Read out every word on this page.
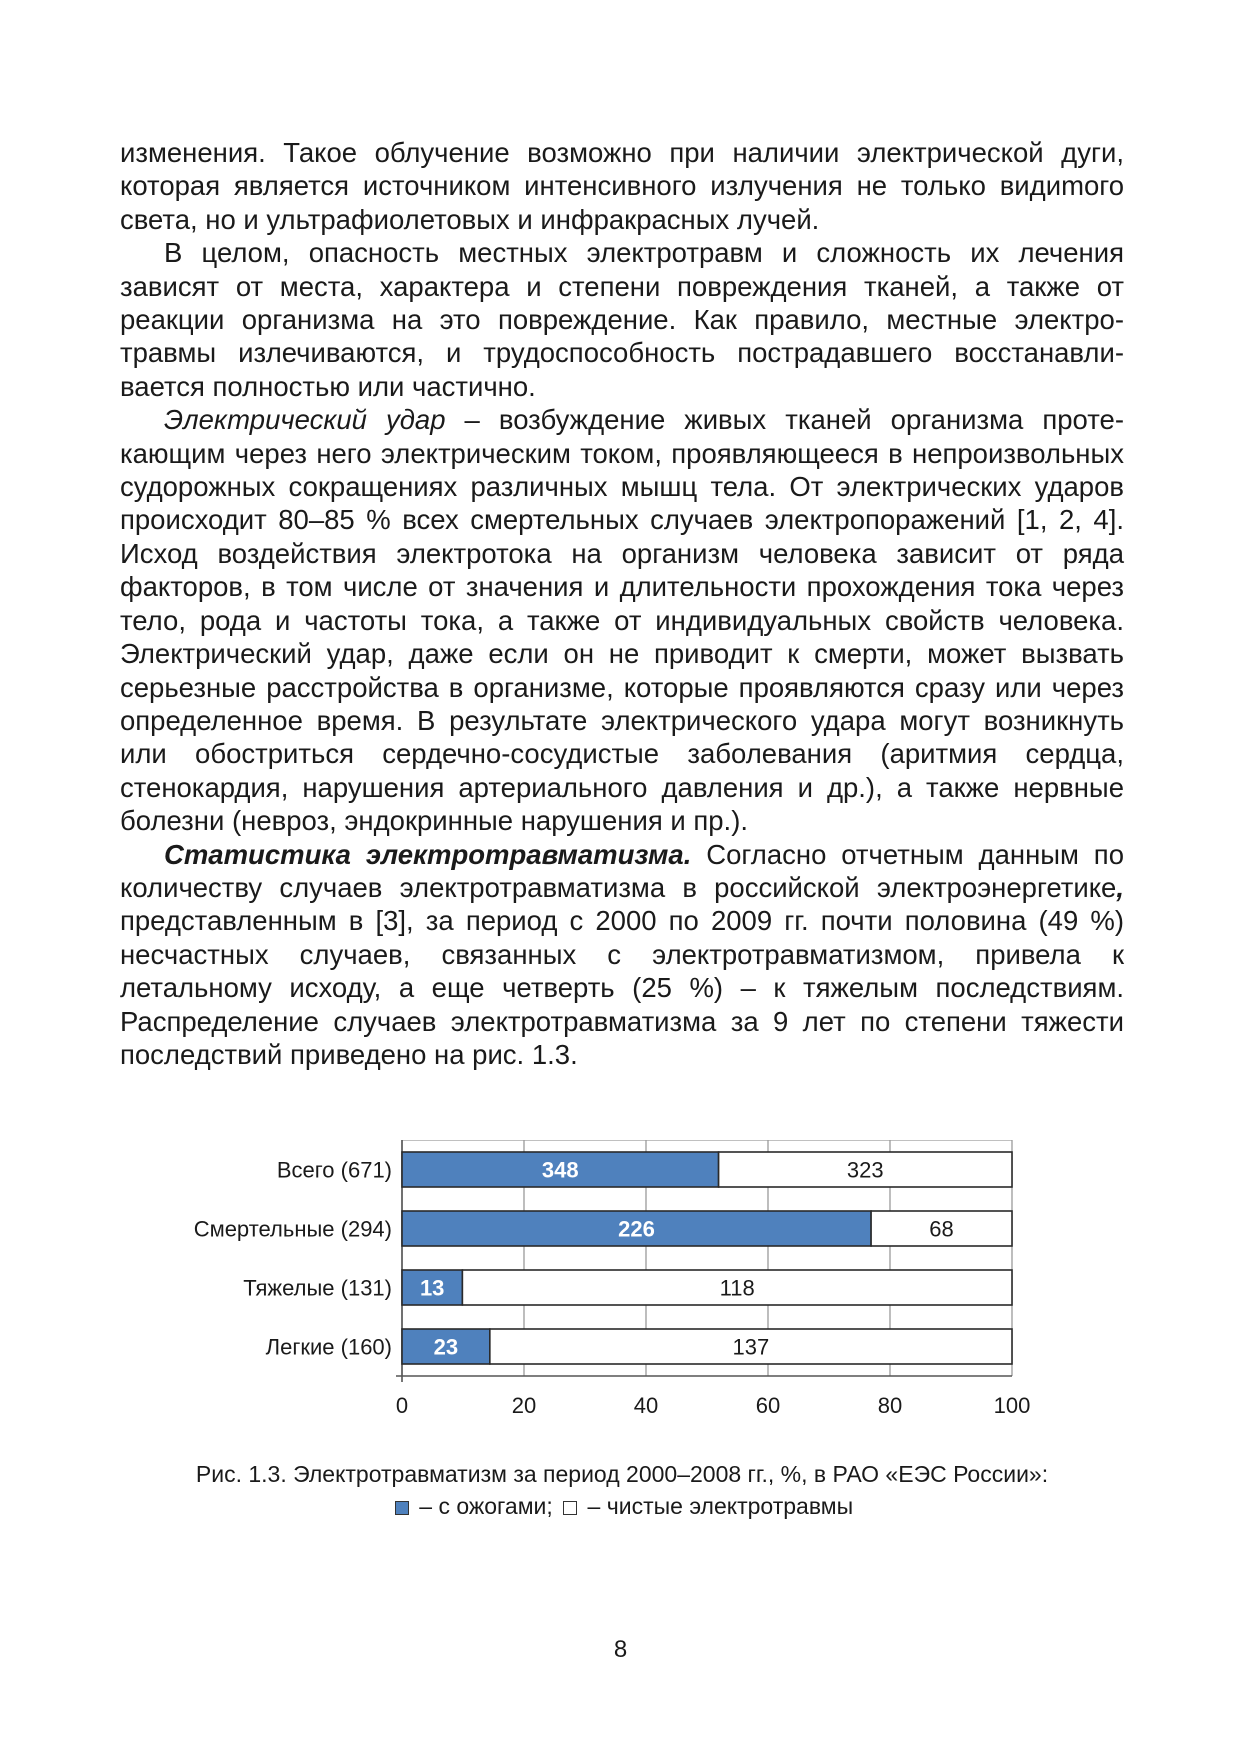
изменения. Такое облучение возможно при наличии электрической дуги, которая является источником интенсивного излучения не только видиmого света, но и ультрафиолетовых и инфракрасных лучей.

В целом, опасность местных электротравм и сложность их лечения зависят от места, характера и степени повреждения тканей, а также от реакции организма на это повреждение. Как правило, местные электротравмы излечиваются, и трудоспособность пострадавшего восстанавливается полностью или частично.

Электрический удар – возбуждение живых тканей организма протекающим через него электрическим током, проявляющееся в непроизвольных судорожных сокращениях различных мышц тела. От электрических ударов происходит 80–85 % всех смертельных случаев электропоражений [1, 2, 4]. Исход воздействия электротока на организм человека зависит от ряда факторов, в том числе от значения и длительности прохождения тока через тело, рода и частоты тока, а также от индивидуальных свойств человека. Электрический удар, даже если он не приводит к смерти, может вызвать серьезные расстройства в организме, которые проявляются сразу или через определенное время. В результате электрического удара могут возникнуть или обостриться сердечно-сосудистые заболевания (аритмия сердца, стенокардия, нарушения артериального давления и др.), а также нервные болезни (невроз, эндокринные нарушения и пр.).

Статистика электротравматизма. Согласно отчетным данным по количеству случаев электротравматизма в российской электроэнергетике, представленным в [3], за период с 2000 по 2009 гг. почти половина (49 %) несчастных случаев, связанных с электротравматизмом, привела к летальному исходу, а еще четверть (25 %) – к тяжелым последствиям. Распределение случаев электротравматизма за 9 лет по степени тяжести последствий приведено на рис. 1.3.

348	323
Всего (671)
226	68
Смертельные (294)
13	118
Тяжелые (131)
23	137
Легкие (160)
0	20	40	60	80	100
Рис. 1.3. Электротравматизм за период 2000–2008 гг., %, в РАО «ЕЭС России»:
– с ожогами;  – чистые электротравмы
8
